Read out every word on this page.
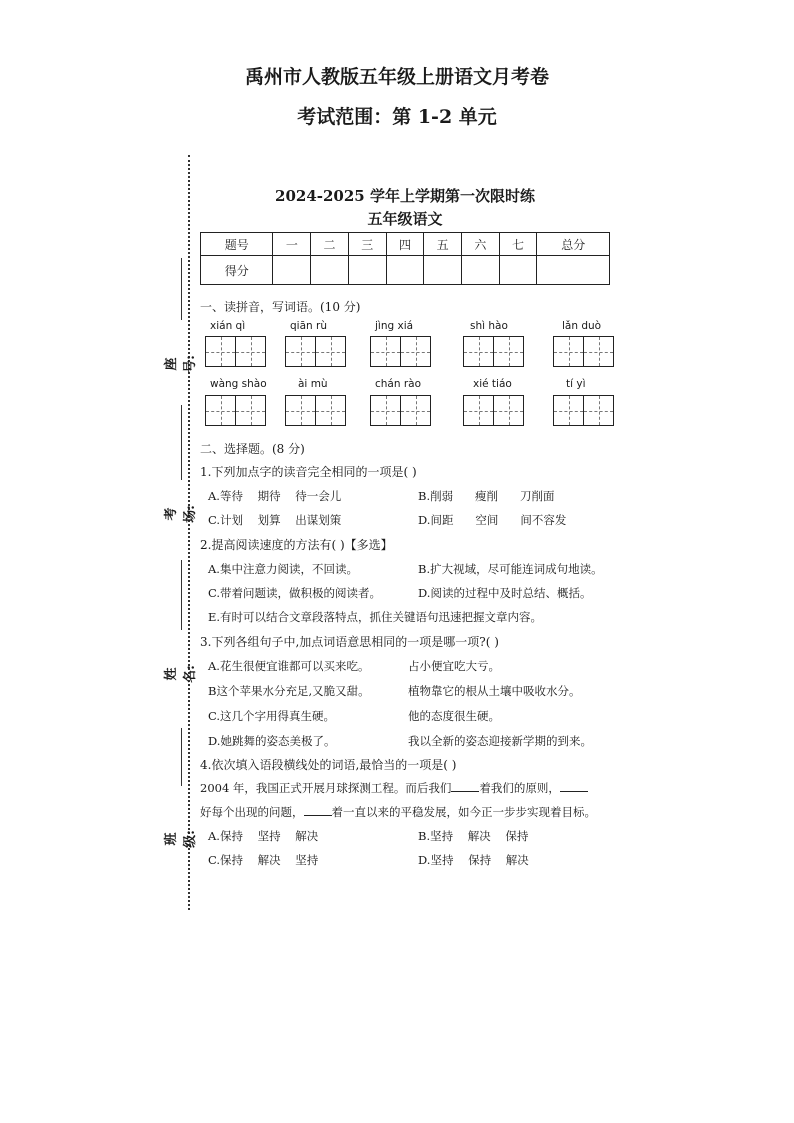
禹州市人教版五年级上册语文月考卷
考试范围：第 1-2 单元
座号:
考场:
姓名:
班级:
2024-2025 学年上学期第一次限时练
五年级语文
题号	一	二	三	四	五	六	七	总分
得分								
一、读拼音，写词语。(10 分)
xián qì	qiān rù	jìng xiá	shì hào	lǎn duò
wàng shào	ài mù	chán rào	xié tiáo	tí yì
二、选择题。(8 分)
1.下列加点字的读音完全相同的一项是( )
A.等待    期待    待一会儿	B.削弱      瘦削      刀削面
C.计划    划算    出谋划策	D.间距      空间      间不容发
2.提高阅读速度的方法有( )【多选】
A.集中注意力阅读，不回读。	B.扩大视域，尽可能连词成句地读。
C.带着问题读，做积极的阅读者。	D.阅读的过程中及时总结、概括。
E.有时可以结合文章段落特点，抓住关键语句迅速把握文章内容。
3.下列各组句子中,加点词语意思相同的一项是哪一项?( )
A.花生很便宜谁都可以买来吃。	占小便宜吃大亏。
B这个苹果水分充足,又脆又甜。	植物靠它的根从土壤中吸收水分。
C.这几个字用得真生硬。	他的态度很生硬。
D.她跳舞的姿态美极了。	我以全新的姿态迎接新学期的到来。
4.依次填入语段横线处的词语,最恰当的一项是( )
2004 年，我国正式开展月球探测工程。而后我们 着我们的原则，
好每个出现的问题， 着一直以来的平稳发展，如今正一步步实现着目标。
A.保持    坚持    解决	B.坚持    解决    保持
C.保持    解决    坚持	D.坚持    保持    解决
